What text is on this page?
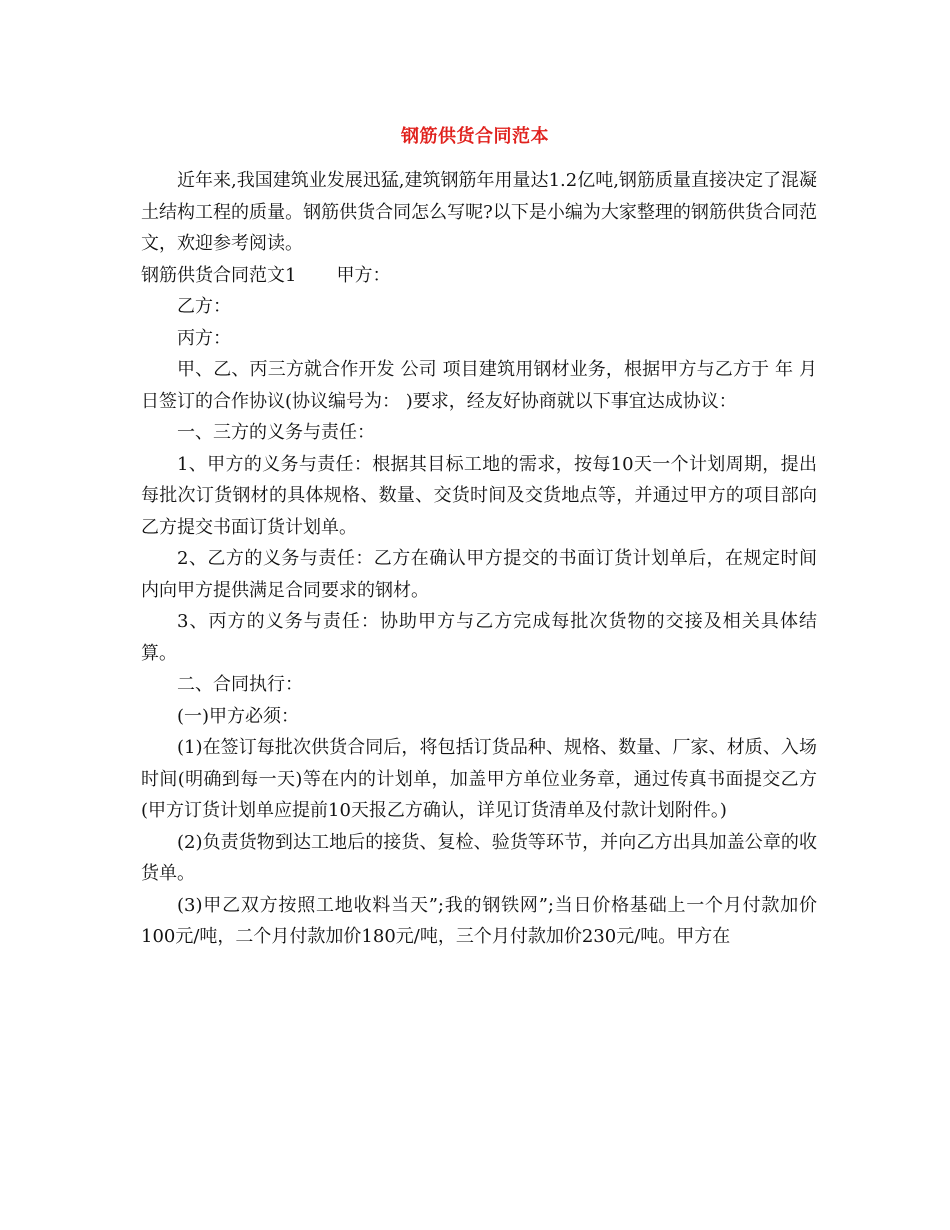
钢筋供货合同范本

近年来,我国建筑业发展迅猛,建筑钢筋年用量达1.2亿吨,钢筋质量直接决定了混凝土结构工程的质量。钢筋供货合同怎么写呢?以下是小编为大家整理的钢筋供货合同范文，欢迎参考阅读。

钢筋供货合同范文1 甲方：

乙方：

丙方：

甲、乙、丙三方就合作开发 公司 项目建筑用钢材业务，根据甲方与乙方于 年 月 日签订的合作协议(协议编号为： )要求，经友好协商就以下事宜达成协议：

一、三方的义务与责任：

1、甲方的义务与责任：根据其目标工地的需求，按每10天一个计划周期，提出每批次订货钢材的具体规格、数量、交货时间及交货地点等，并通过甲方的项目部向乙方提交书面订货计划单。

2、乙方的义务与责任：乙方在确认甲方提交的书面订货计划单后，在规定时间内向甲方提供满足合同要求的钢材。

3、丙方的义务与责任：协助甲方与乙方完成每批次货物的交接及相关具体结算。

二、合同执行：

(一)甲方必须：

(1)在签订每批次供货合同后，将包括订货品种、规格、数量、厂家、材质、入场时间(明确到每一天)等在内的计划单，加盖甲方单位业务章，通过传真书面提交乙方(甲方订货计划单应提前10天报乙方确认，详见订货清单及付款计划附件。)

(2)负责货物到达工地后的接货、复检、验货等环节，并向乙方出具加盖公章的收货单。

(3)甲乙双方按照工地收料当天”;我的钢铁网”;当日价格基础上一个月付款加价100元/吨，二个月付款加价180元/吨，三个月付款加价230元/吨。甲方在
